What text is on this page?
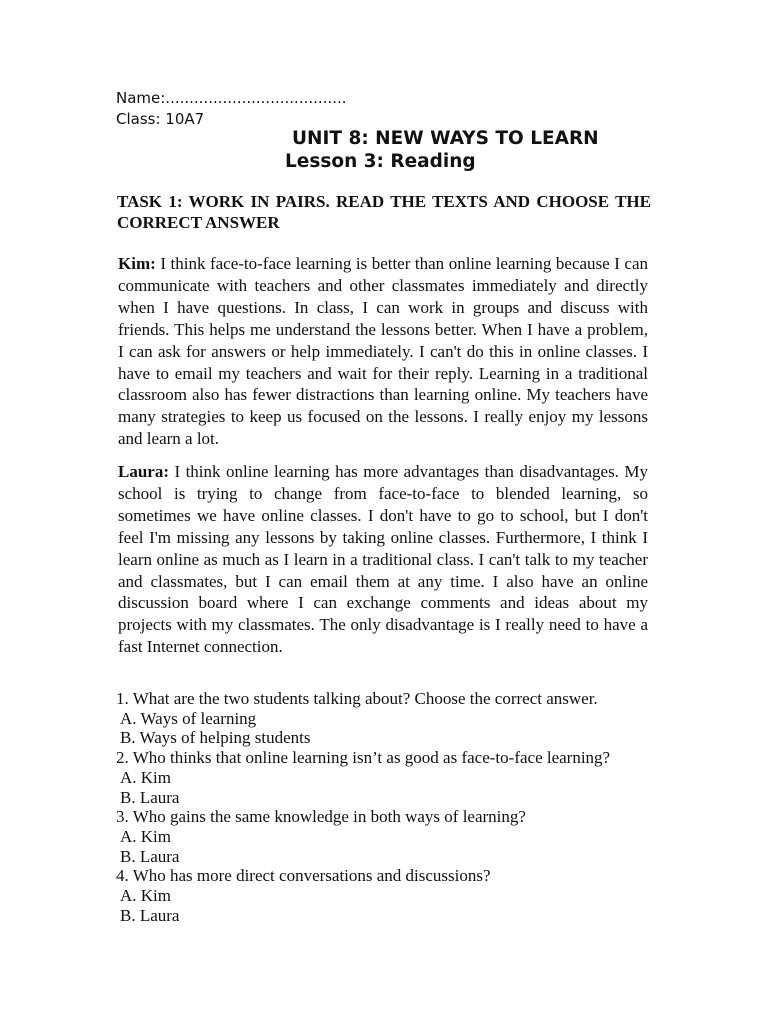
Name:......................................
Class: 10A7
UNIT 8: NEW WAYS TO LEARN
Lesson 3: Reading
TASK 1: WORK IN PAIRS. READ THE TEXTS AND CHOOSE THE CORRECT ANSWER

Kim: I think face-to-face learning is better than online learning because I can communicate with teachers and other classmates immediately and directly when I have questions. In class, I can work in groups and discuss with friends. This helps me understand the lessons better. When I have a problem, I can ask for answers or help immediately. I can't do this in online classes. I have to email my teachers and wait for their reply. Learning in a traditional classroom also has fewer distractions than learning online. My teachers have many strategies to keep us focused on the lessons. I really enjoy my lessons and learn a lot.

Laura: I think online learning has more advantages than disadvantages. My school is trying to change from face-to-face to blended learning, so sometimes we have online classes. I don't have to go to school, but I don't feel I'm missing any lessons by taking online classes. Furthermore, I think I learn online as much as I learn in a traditional class. I can't talk to my teacher and classmates, but I can email them at any time. I also have an online discussion board where I can exchange comments and ideas about my projects with my classmates. The only disadvantage is I really need to have a fast Internet connection.

1. What are the two students talking about? Choose the correct answer.
A. Ways of learning
B. Ways of helping students
2. Who thinks that online learning isn’t as good as face-to-face learning?
A. Kim
B. Laura
3. Who gains the same knowledge in both ways of learning?
A. Kim
B. Laura
4. Who has more direct conversations and discussions?
A. Kim
B. Laura
